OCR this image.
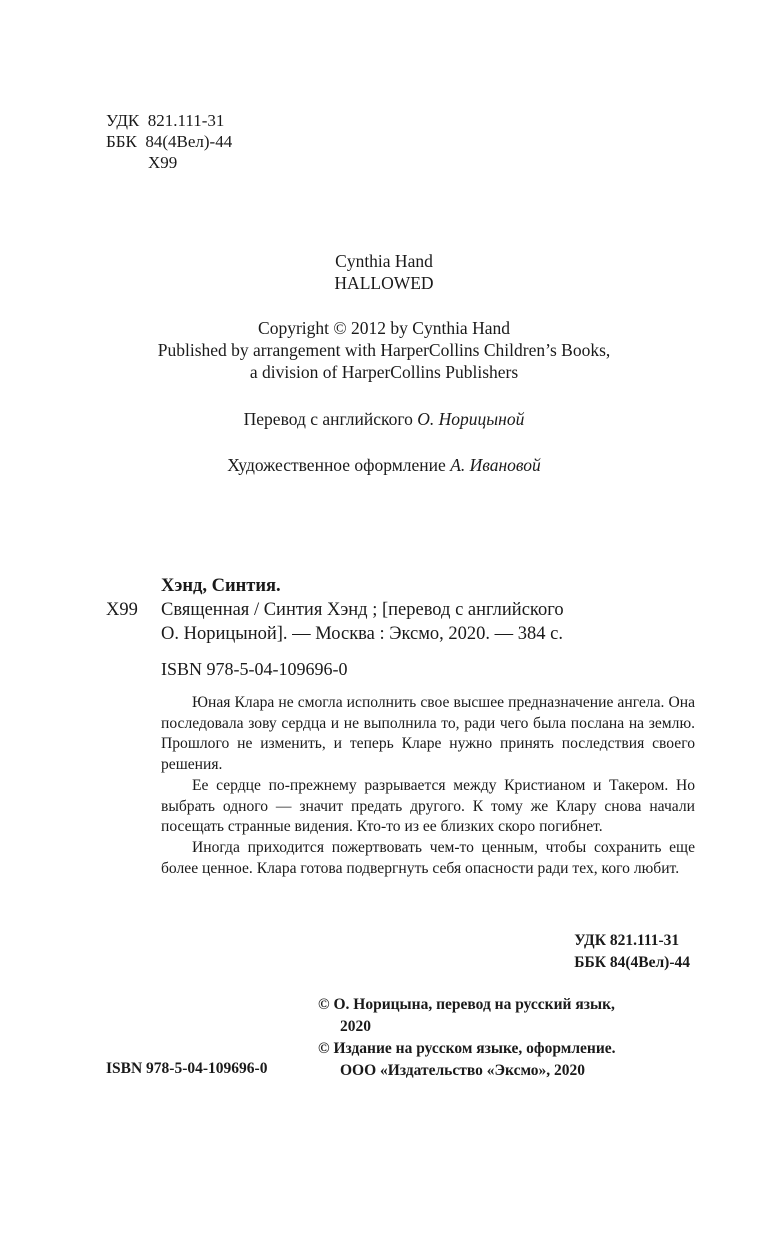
УДК  821.111-31
ББК  84(4Вел)-44
Х99
Cynthia Hand
HALLOWED
Copyright © 2012 by Cynthia Hand
Published by arrangement with HarperCollins Children’s Books,
a division of HarperCollins Publishers
Перевод с английского О. Норицыной
Художественное оформление А. Ивановой
Хэнд, Синтия.
Х99 Священная / Синтия Хэнд ; [перевод с английского
О. Норицыной]. — Москва : Эксмо, 2020. — 384 с.
ISBN 978-5-04-109696-0

Юная Клара не смогла исполнить свое высшее предназначение ангела. Она последовала зову сердца и не выполнила то, ради чего была послана на землю. Прошлого не изменить, и теперь Кларе нужно принять последствия своего решения.

Ее сердце по-прежнему разрывается между Кристианом и Такером. Но выбрать одного — значит предать другого. К тому же Клару снова начали посещать странные видения. Кто-то из ее близких скоро погибнет.

Иногда приходится пожертвовать чем-то ценным, чтобы сохранить еще более ценное. Клара готова подвергнуть себя опасности ради тех, кого любит.

УДК 821.111-31
ББК 84(4Вел)-44
© О. Норицына, перевод на русский язык,
2020
© Издание на русском языке, оформление.
ООО «Издательство «Эксмо», 2020
ISBN 978-5-04-109696-0
